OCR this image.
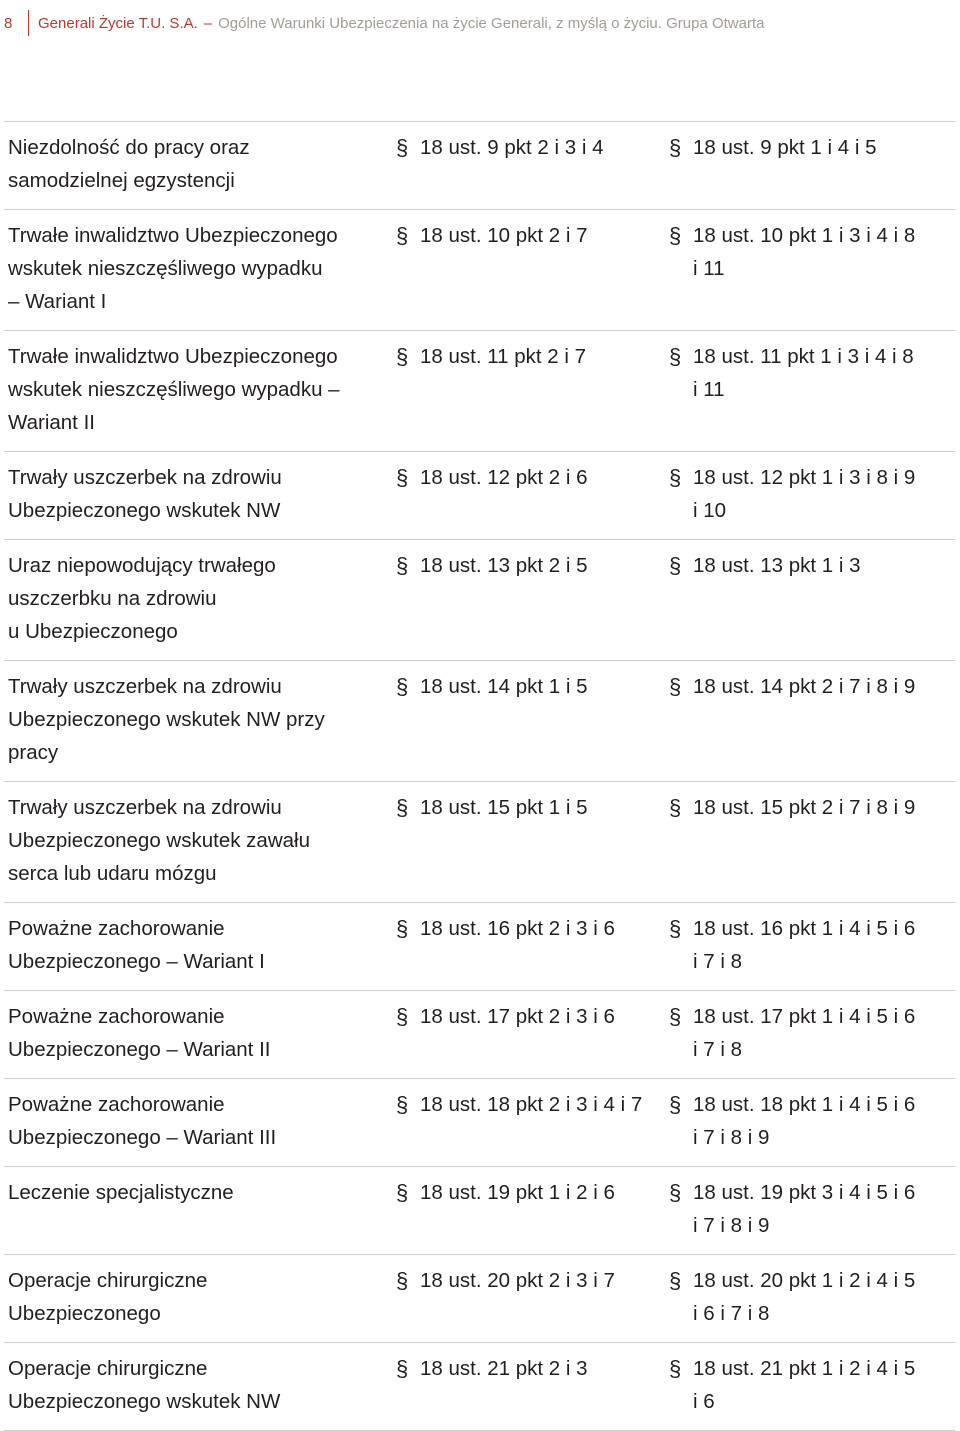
8	Generali Życie T.U. S.A. – Ogólne Warunki Ubezpieczenia na życie Generali, z myślą o życiu. Grupa Otwarta
Niezdolność do pracy oraz
samodzielnej egzystencji
§ 18 ust. 9 pkt 2 i 3 i 4	§ 18 ust. 9 pkt 1 i 4 i 5
Trwałe inwalidztwo Ubezpieczonego
wskutek nieszczęśliwego wypadku
– Wariant I
§ 18 ust. 10 pkt 2 i 7	§ 18 ust. 10 pkt 1 i 3 i 4 i 8
i 11
Trwałe inwalidztwo Ubezpieczonego
wskutek nieszczęśliwego wypadku –
Wariant II
§ 18 ust. 11 pkt 2 i 7	§ 18 ust. 11 pkt 1 i 3 i 4 i 8
i 11
Trwały uszczerbek na zdrowiu
Ubezpieczonego wskutek NW
§ 18 ust. 12 pkt 2 i 6	§ 18 ust. 12 pkt 1 i 3 i 8 i 9
i 10
Uraz niepowodujący trwałego
uszczerbku na zdrowiu
u Ubezpieczonego
§ 18 ust. 13 pkt 2 i 5	§ 18 ust. 13 pkt 1 i 3
Trwały uszczerbek na zdrowiu
Ubezpieczonego wskutek NW przy
pracy
§ 18 ust. 14 pkt 1 i 5	§ 18 ust. 14 pkt 2 i 7 i 8 i 9
Trwały uszczerbek na zdrowiu
Ubezpieczonego wskutek zawału
serca lub udaru mózgu
§ 18 ust. 15 pkt 1 i 5	§ 18 ust. 15 pkt 2 i 7 i 8 i 9
Poważne zachorowanie
Ubezpieczonego – Wariant I
§ 18 ust. 16 pkt 2 i 3 i 6 § 18 ust. 16 pkt 1 i 4 i 5 i 6
i 7 i 8
Poważne zachorowanie
Ubezpieczonego – Wariant II
§ 18 ust. 17 pkt 2 i 3 i 6 § 18 ust. 17 pkt 1 i 4 i 5 i 6
i 7 i 8
Poważne zachorowanie
Ubezpieczonego – Wariant III
§ 18 ust. 18 pkt 2 i 3 i 4 i 7 § 18 ust. 18 pkt 1 i 4 i 5 i 6
i 7 i 8 i 9
Leczenie specjalistyczne	§ 18 ust. 19 pkt 1 i 2 i 6 § 18 ust. 19 pkt 3 i 4 i 5 i 6
i 7 i 8 i 9
Operacje chirurgiczne
Ubezpieczonego
§ 18 ust. 20 pkt 2 i 3 i 7 § 18 ust. 20 pkt 1 i 2 i 4 i 5
i 6 i 7 i 8
Operacje chirurgiczne
Ubezpieczonego wskutek NW
§ 18 ust. 21 pkt 2 i 3	§ 18 ust. 21 pkt 1 i 2 i 4 i 5
i 6
